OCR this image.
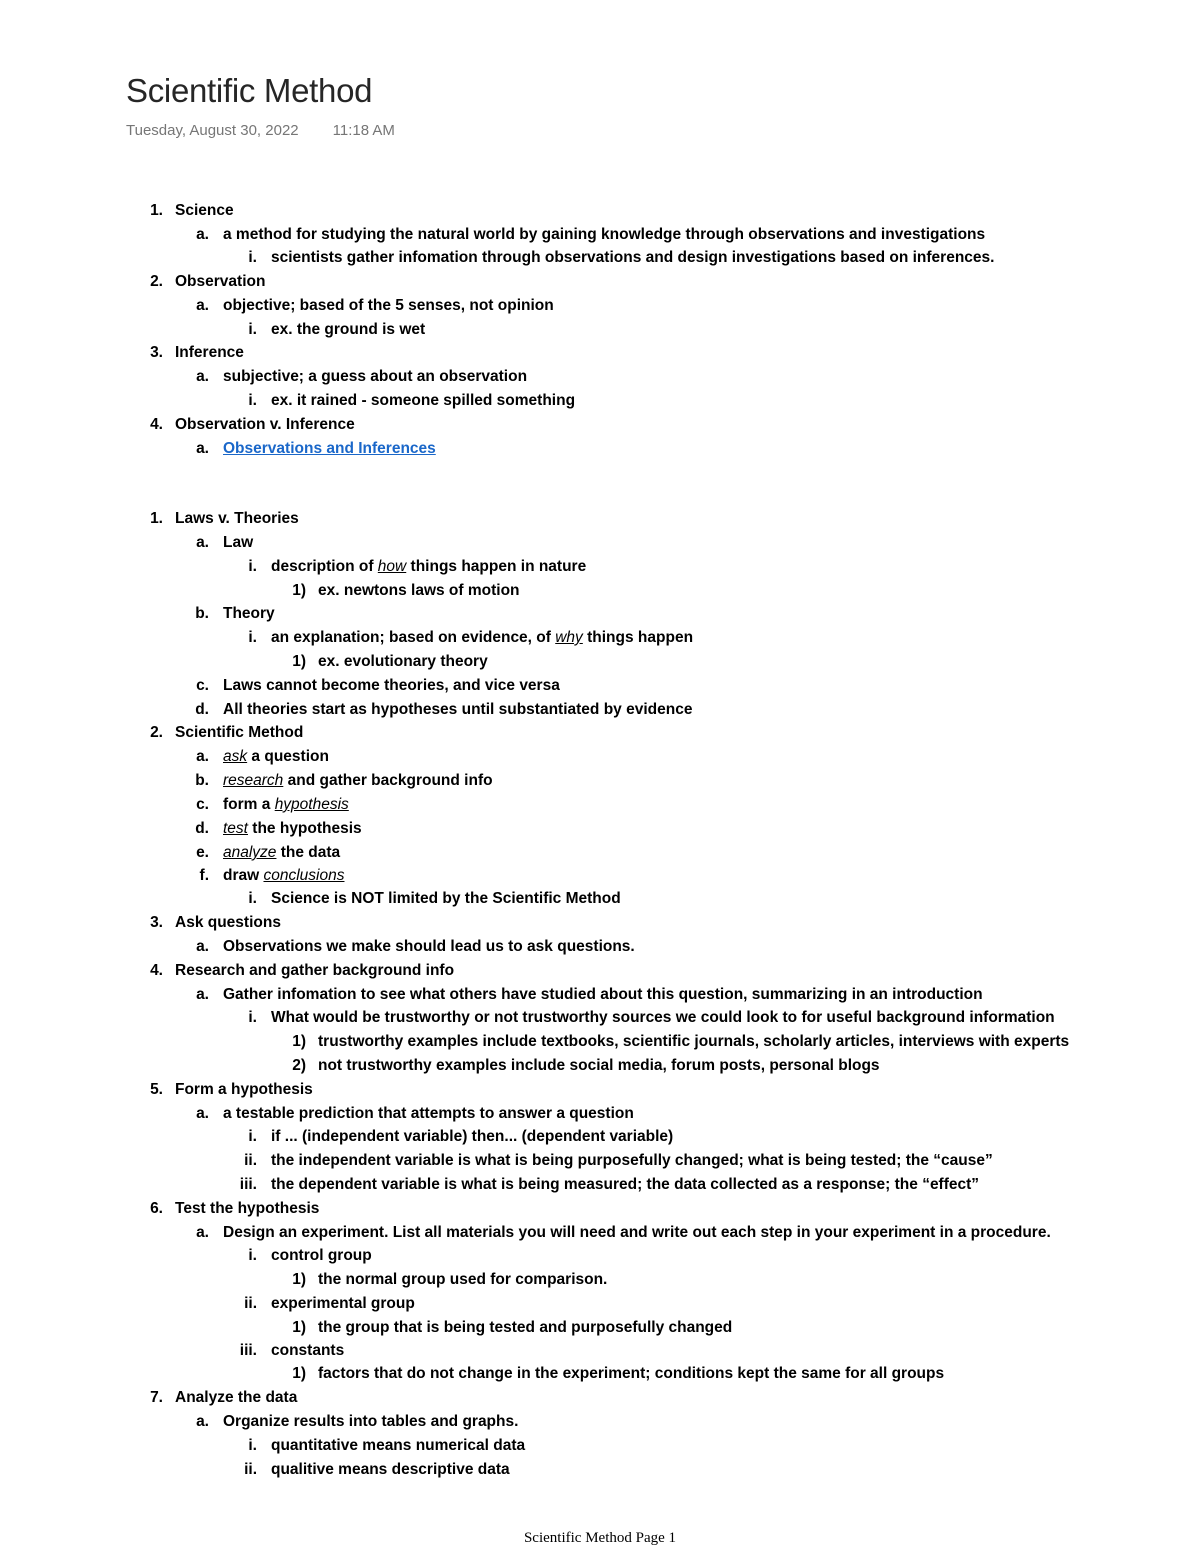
Scientific Method
Tuesday, August 30, 2022 11:18 AM
1. Science
a. a method for studying the natural world by gaining knowledge through observations and investigations
i. scientists gather infomation through observations and design investigations based on inferences.
2. Observation
a. objective; based of the 5 senses, not opinion
i. ex. the ground is wet
3. Inference
a. subjective; a guess about an observation
i. ex. it rained - someone spilled something
4. Observation v. Inference
a. Observations and Inferences
1. Laws v. Theories
a. Law
i. description of how things happen in nature
1) ex. newtons laws of motion
b. Theory
i. an explanation; based on evidence, of why things happen
1) ex. evolutionary theory
c. Laws cannot become theories, and vice versa
d. All theories start as hypotheses until substantiated by evidence
2. Scientific Method
a. ask a question
b. research and gather background info
c. form a hypothesis
d. test the hypothesis
e. analyze the data
f. draw conclusions
i. Science is NOT limited by the Scientific Method
3. Ask questions
a. Observations we make should lead us to ask questions.
4. Research and gather background info
a. Gather infomation to see what others have studied about this question, summarizing in an introduction
i. What would be trustworthy or not trustworthy sources we could look to for useful background information
1) trustworthy examples include textbooks, scientific journals, scholarly articles, interviews with experts
2) not trustworthy examples include social media, forum posts, personal blogs
5. Form a hypothesis
a. a testable prediction that attempts to answer a question
i. if ... (independent variable) then... (dependent variable)
ii. the independent variable is what is being purposefully changed; what is being tested; the “cause”
iii. the dependent variable is what is being measured; the data collected as a response; the “effect”
6. Test the hypothesis
a. Design an experiment. List all materials you will need and write out each step in your experiment in a procedure.
i. control group
1) the normal group used for comparison.
ii. experimental group
1) the group that is being tested and purposefully changed
iii. constants
1) factors that do not change in the experiment; conditions kept the same for all groups
7. Analyze the data
a. Organize results into tables and graphs.
i. quantitative means numerical data
ii. qualitive means descriptive data
Scientific Method Page 1
